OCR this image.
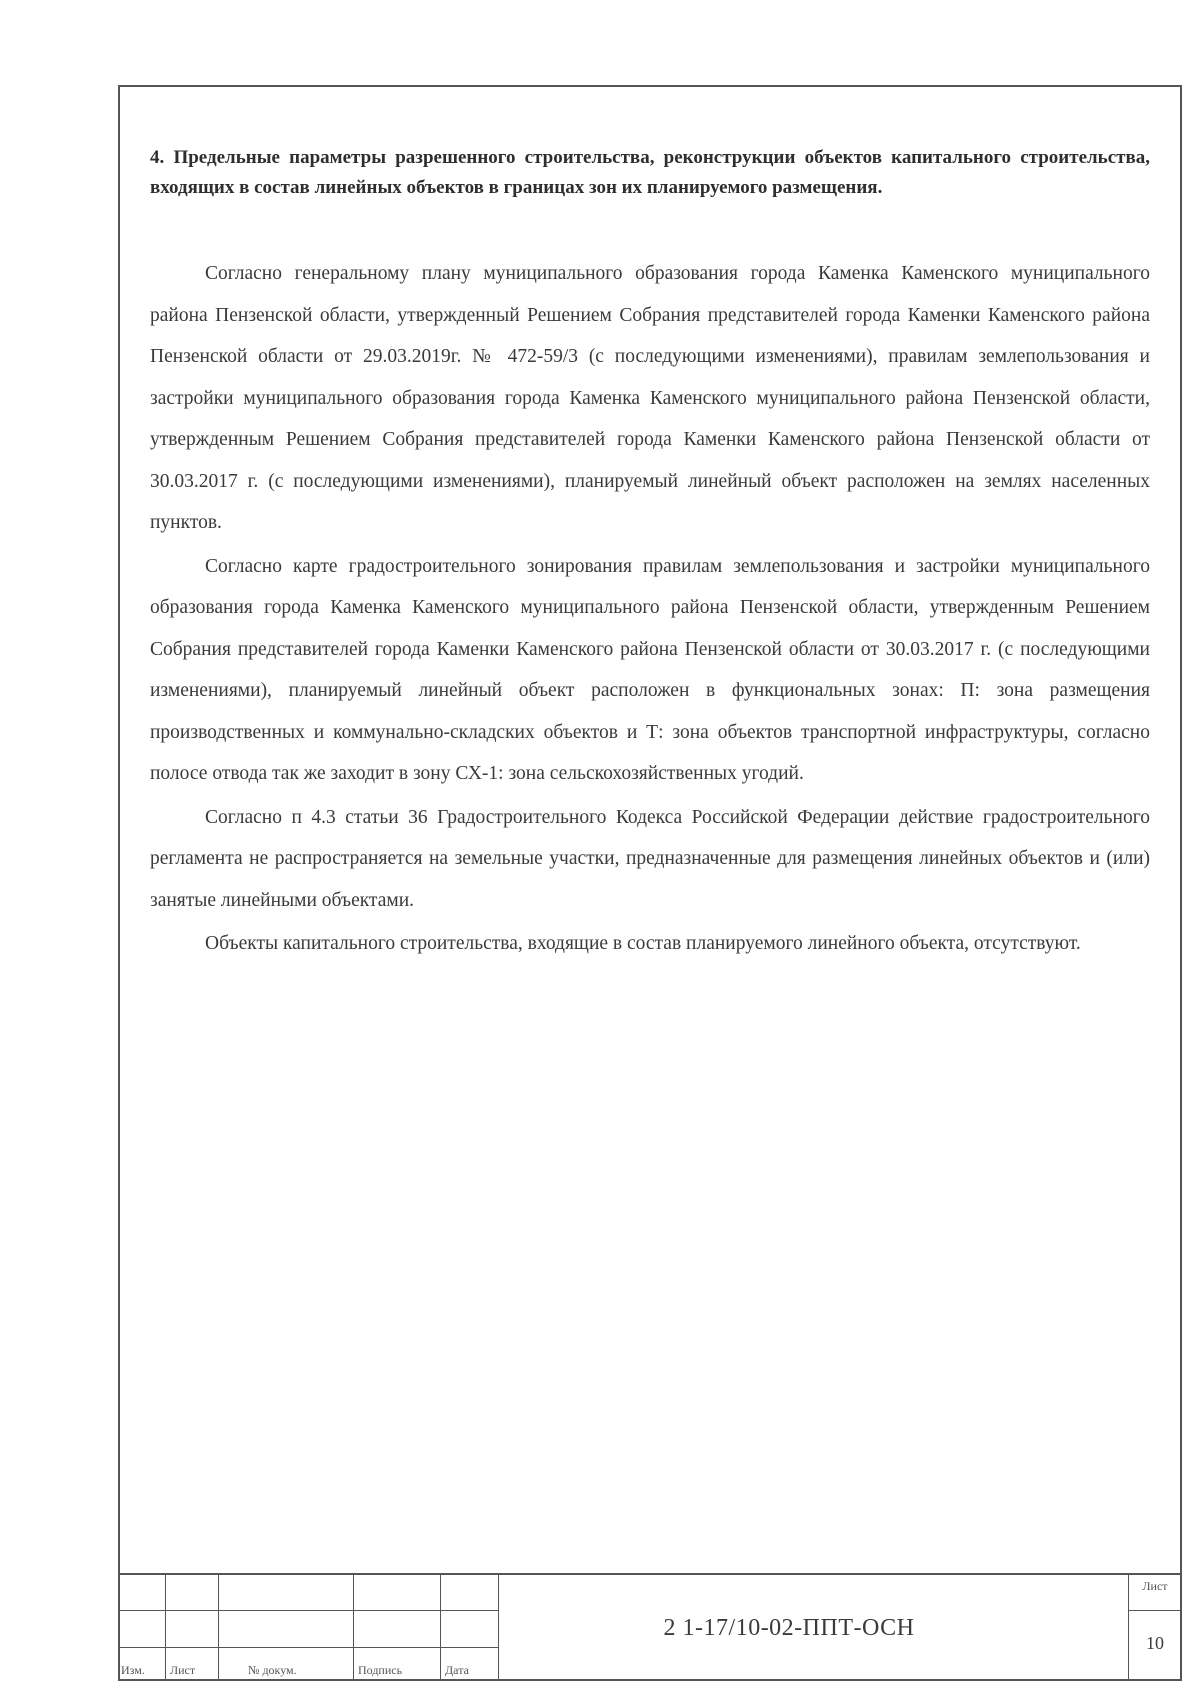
4. Предельные параметры разрешенного строительства, реконструкции объектов капитального строительства, входящих в состав линейных объектов в границах зон их планируемого размещения.

Согласно генеральному плану муниципального образования города Каменка Каменского муниципального района Пензенской области, утвержденный Решением Собрания представителей города Каменки Каменского района Пензенской области от 29.03.2019г. № 472-59/3 (с последующими изменениями), правилам землепользования и застройки муниципального образования города Каменка Каменского муниципального района Пензенской области, утвержденным Решением Собрания представителей города Каменки Каменского района Пензенской области от 30.03.2017 г. (с последующими изменениями), планируемый линейный объект расположен на землях населенных пунктов.

Согласно карте градостроительного зонирования правилам землепользования и застройки муниципального образования города Каменка Каменского муниципального района Пензенской области, утвержденным Решением Собрания представителей города Каменки Каменского района Пензенской области от 30.03.2017 г. (с последующими изменениями), планируемый линейный объект расположен в функциональных зонах: П: зона размещения производственных и коммунально-складских объектов и Т: зона объектов транспортной инфраструктуры, согласно полосе отвода так же заходит в зону СХ-1: зона сельскохозяйственных угодий.

Согласно п 4.3 статьи 36 Градостроительного Кодекса Российской Федерации действие градостроительного регламента не распространяется на земельные участки, предназначенные для размещения линейных объектов и (или) занятые линейными объектами.

Объекты капитального строительства, входящие в состав планируемого линейного объекта, отсутствуют.

Изм. Лист	№ докум.	Подпись	Дата
2 1-17/10-02-ППТ-ОСН
Лист
10
